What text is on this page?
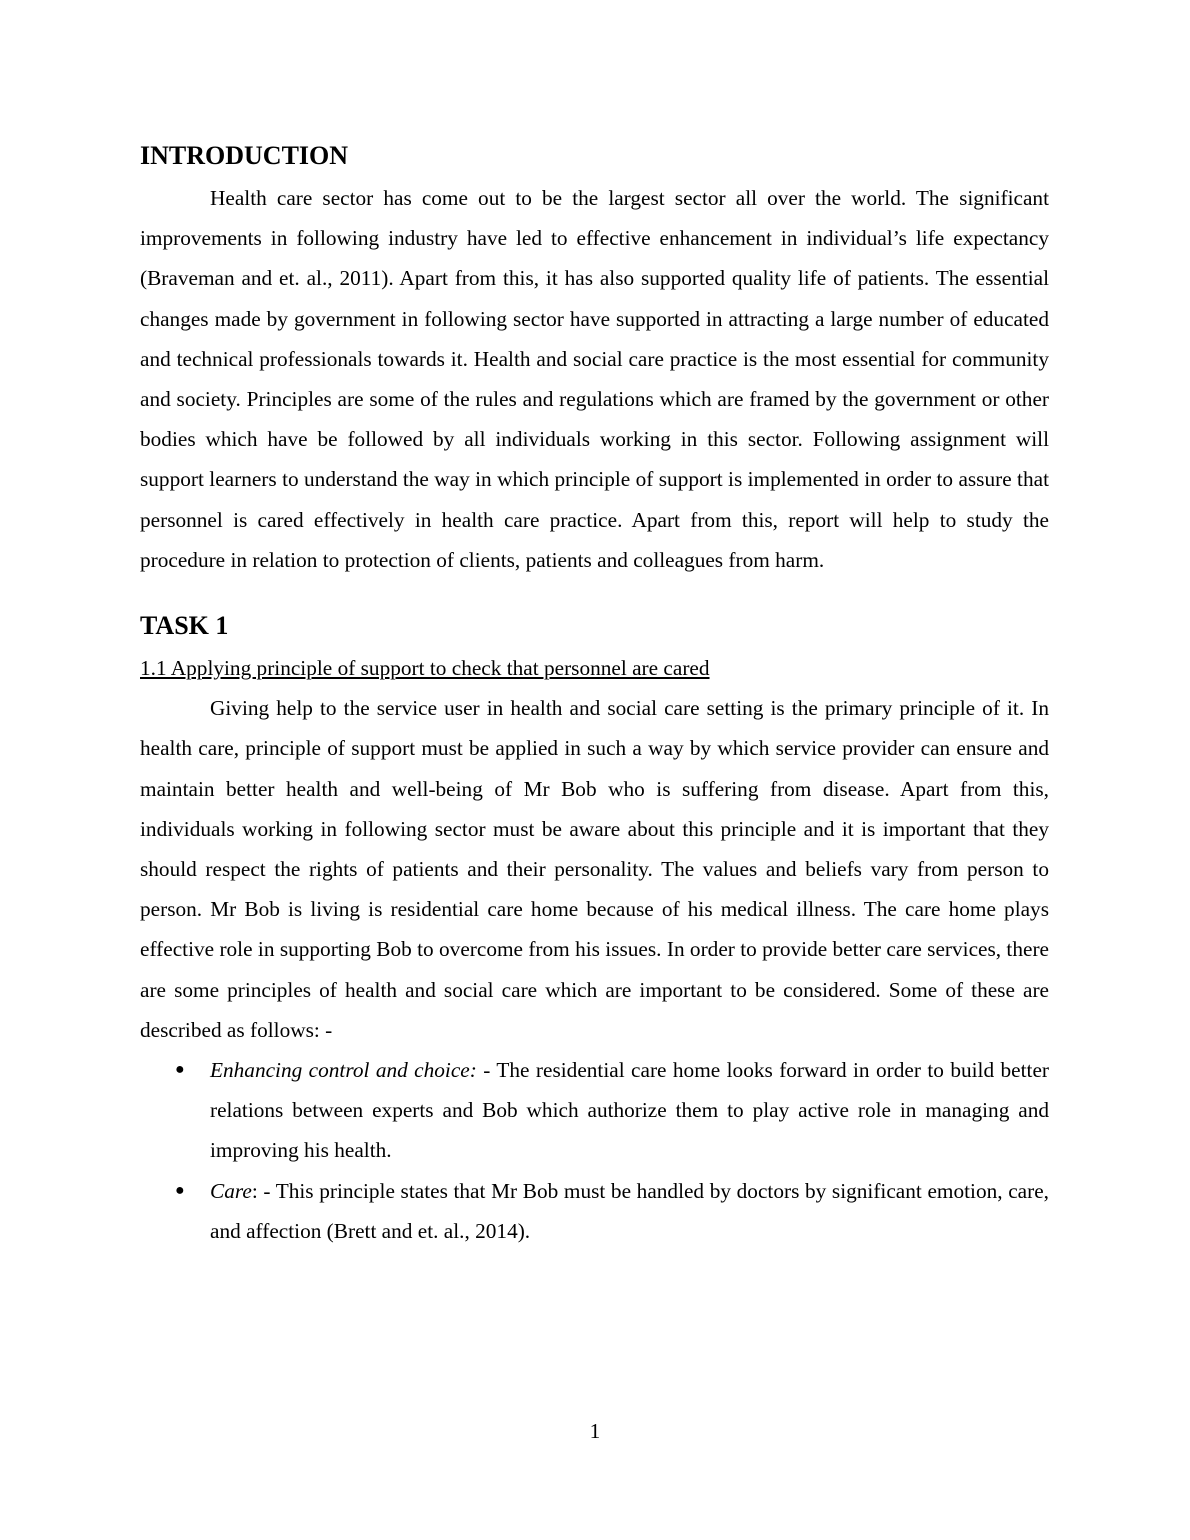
INTRODUCTION

Health care sector has come out to be the largest sector all over the world. The significant improvements in following industry have led to effective enhancement in individual’s life expectancy (Braveman and et. al., 2011). Apart from this, it has also supported quality life of patients. The essential changes made by government in following sector have supported in attracting a large number of educated and technical professionals towards it. Health and social care practice is the most essential for community and society. Principles are some of the rules and regulations which are framed by the government or other bodies which have be followed by all individuals working in this sector. Following assignment will support learners to understand the way in which principle of support is implemented in order to assure that personnel is cared effectively in health care practice. Apart from this, report will help to study the procedure in relation to protection of clients, patients and colleagues from harm.

TASK 1

1.1 Applying principle of support to check that personnel are cared

Giving help to the service user in health and social care setting is the primary principle of it. In health care, principle of support must be applied in such a way by which service provider can ensure and maintain better health and well-being of Mr Bob who is suffering from disease. Apart from this, individuals working in following sector must be aware about this principle and it is important that they should respect the rights of patients and their personality. The values and beliefs vary from person to person. Mr Bob is living is residential care home because of his medical illness. The care home plays effective role in supporting Bob to overcome from his issues. In order to provide better care services, there are some principles of health and social care which are important to be considered. Some of these are described as follows: -

● Enhancing control and choice: - The residential care home looks forward in order to build better relations between experts and Bob which authorize them to play active role in managing and improving his health.
● Care: - This principle states that Mr Bob must be handled by doctors by significant emotion, care, and affection (Brett and et. al., 2014).
1
